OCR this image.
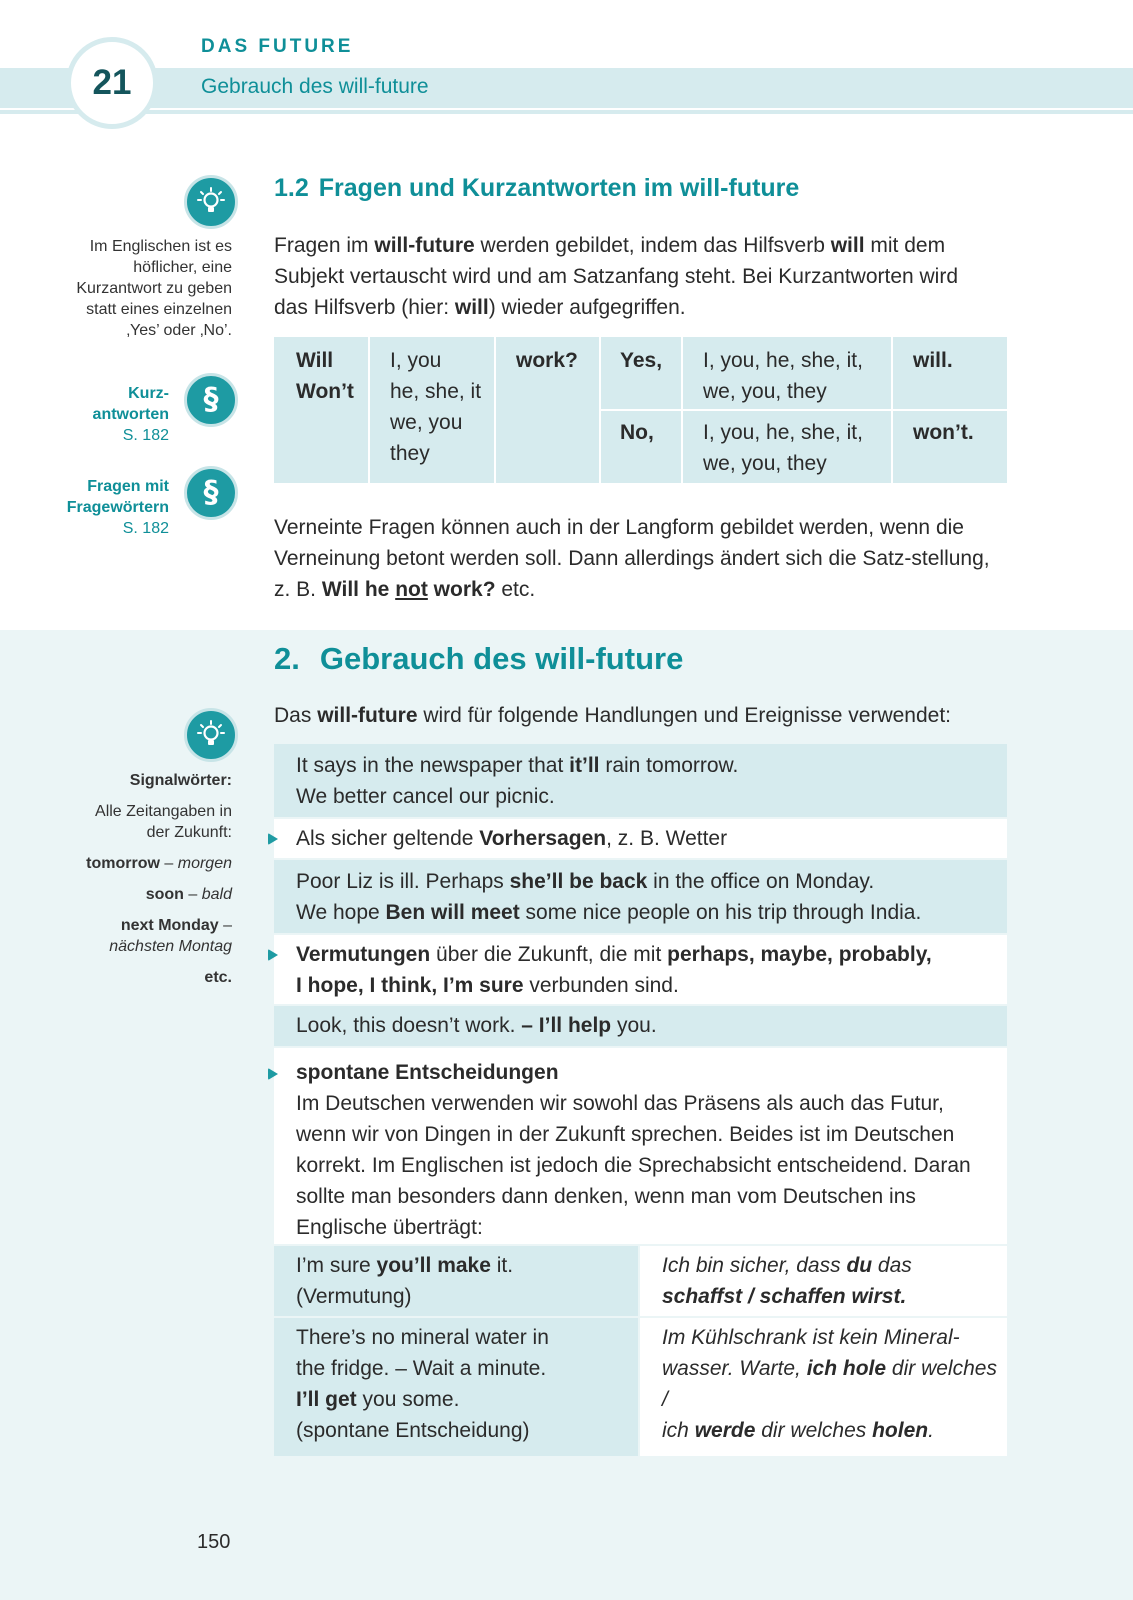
21
DAS FUTURE
Gebrauch des will-future
Im Englischen ist es höflicher, eine Kurzantwort zu geben statt eines einzelnen ‚Yes’ oder ‚No’.
Kurz-
antworten
S. 182
§
Fragen mit
Fragewörtern
S. 182
§
1.2 Fragen und Kurzantworten im will-future
Fragen im will-future werden gebildet, indem das Hilfsverb will mit dem Subjekt vertauscht wird und am Satzanfang steht. Bei Kurzantworten wird das Hilfsverb (hier: will) wieder aufgegriffen.
Will
Won’t
I, you
he, she, it
we, you
they
work? Yes, I, you, he, she, it,
we, you, they
will.
No, I, you, he, she, it,
we, you, they
won’t.
Verneinte Fragen können auch in der Langform gebildet werden, wenn die Verneinung betont werden soll. Dann allerdings ändert sich die Satz-stellung, z. B. Will he not work? etc.
2. Gebrauch des will-future
Das will-future wird für folgende Handlungen und Ereignisse verwendet:
Signalwörter:
Alle Zeitangaben in der Zukunft:
tomorrow – morgen
soon – bald
next Monday –
nächsten Montag
etc.
It says in the newspaper that it’ll rain tomorrow.
We better cancel our picnic.
Als sicher geltende Vorhersagen, z. B. Wetter
Poor Liz is ill. Perhaps she’ll be back in the office on Monday.
We hope Ben will meet some nice people on his trip through India.
Vermutungen über die Zukunft, die mit perhaps, maybe, probably,
I hope, I think, I’m sure verbunden sind.
Look, this doesn’t work. – I’ll help you.
spontane Entscheidungen
Im Deutschen verwenden wir sowohl das Präsens als auch das Futur, wenn wir von Dingen in der Zukunft sprechen. Beides ist im Deutschen korrekt. Im Englischen ist jedoch die Sprechabsicht entscheidend. Daran sollte man besonders dann denken, wenn man vom Deutschen ins Englische überträgt:
I’m sure you’ll make it.
(Vermutung)
Ich bin sicher, dass du das
schaffst / schaffen wirst.
There’s no mineral water in
the fridge. – Wait a minute.
I’ll get you some.
(spontane Entscheidung)
Im Kühlschrank ist kein Mineral-
wasser. Warte, ich hole dir welches /
ich werde dir welches holen.
150
